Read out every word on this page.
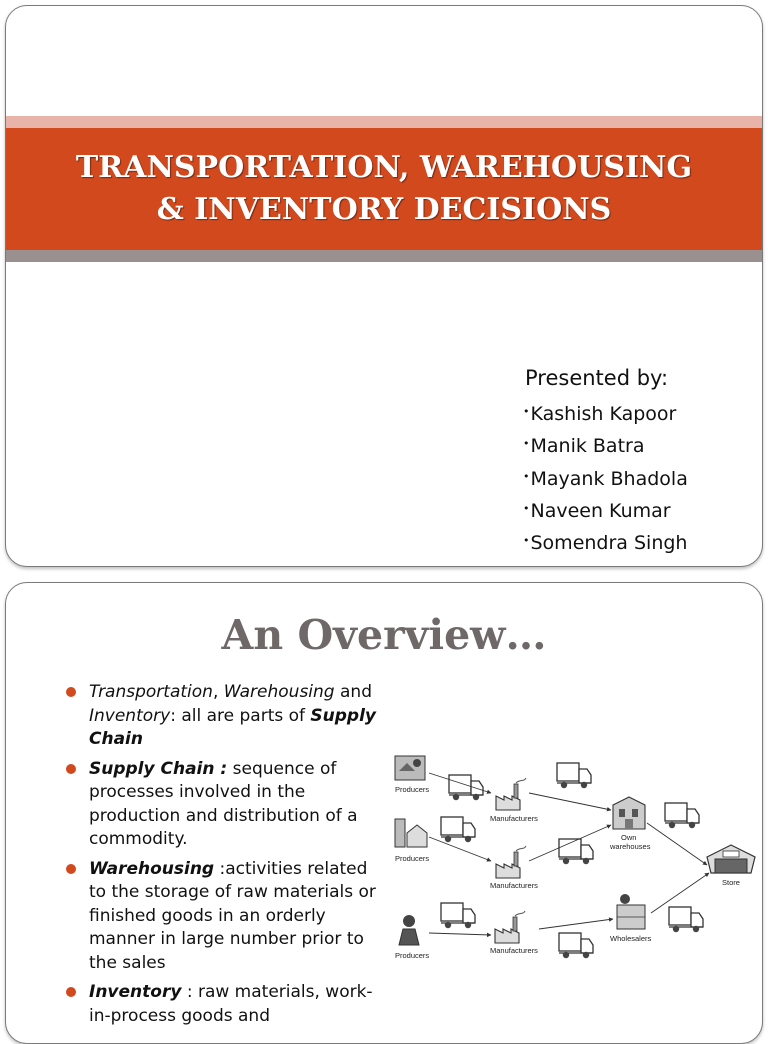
TRANSPORTATION, WAREHOUSING
& INVENTORY DECISIONS
Presented by:
•Kashish Kapoor
•Manik Batra
•Mayank Bhadola
•Naveen Kumar
•Somendra Singh
An Overview…
Transportation, Warehousing and Inventory: all are parts of Supply Chain
Supply Chain : sequence of processes involved in the production and distribution of a commodity.
Warehousing :activities related to the storage of raw materials or finished goods in an orderly manner in large number prior to the sales
Inventory : raw materials, work-in-process goods and
Producers
Manufacturers
Own
warehouses
Producers
Manufacturers	Store
Producers
Manufacturers
Wholesalers
